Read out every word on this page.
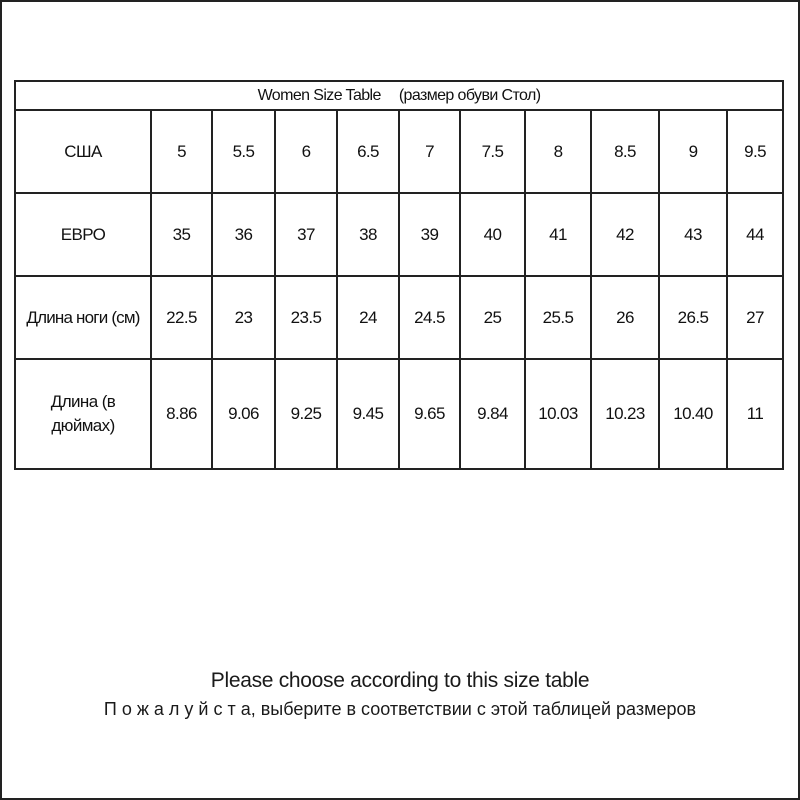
Women Size Table (размер обуви Стол)										
США	5	5.5	6	6.5	7	7.5	8	8.5	9	9.5
ЕВРО	35	36	37	38	39	40	41	42	43	44
Длина ноги (см)	22.5	23	23.5	24	24.5	25	25.5	26	26.5	27
Длина (в дюймах)	8.86	9.06	9.25	9.45	9.65	9.84	10.03	10.23	10.40	11
Please choose according to this size table
П о ж а л у й с т а, выберите в соответствии с этой таблицей размеров
